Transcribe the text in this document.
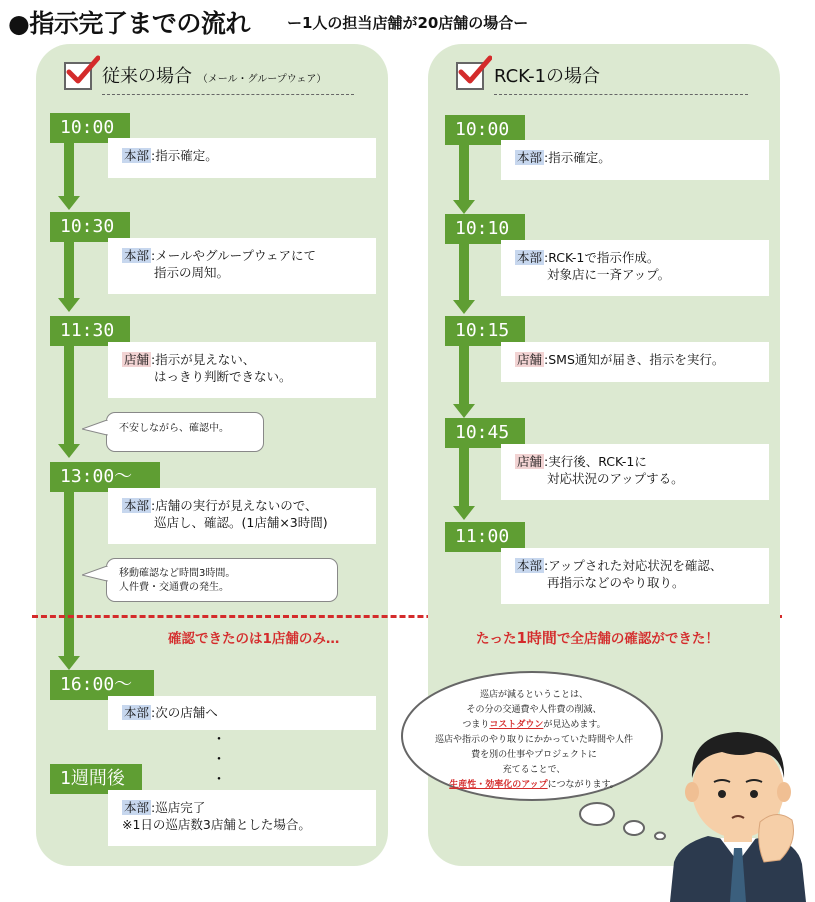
●指示完了までの流れ ー1人の担当店舗が20店舗の場合ー
従来の場合 （メール・グループウェア）
10:00
本部 :指示確定。
10:30
本部 :メールやグループウェアにて
指示の周知。
11:30
店舗 :指示が見えない、
はっきり判断できない。
不安しながら、確認中。
13:00〜
本部 :店舗の実行が見えないので、
巡店し、確認。(1店舗×3時間)
移動確認など時間3時間。
人件費・交通費の発生。
確認できたのは1店舗のみ…
16:00〜
本部 :次の店舗へ
・
・
・
1週間後
本部 :巡店完了
※1日の巡店数3店舗とした場合。
RCK-1の場合
10:00
本部 :指示確定。
10:10
本部 :RCK-1で指示作成。
対象店に一斉アップ。
10:15
店舗 :SMS通知が届き、指示を実行。
10:45
店舗 :実行後、RCK-1に
対応状況のアップする。
11:00
本部 :アップされた対応状況を確認、
再指示などのやり取り。
たった1時間で全店舗の確認ができた！
巡店が減るということは、
その分の交通費や人件費の削減、
つまりコストダウンが見込めます。
巡店や指示のやり取りにかかっていた時間や人件
費を別の仕事やプロジェクトに
充てることで、
生産性・効率化のアップにつながります。
